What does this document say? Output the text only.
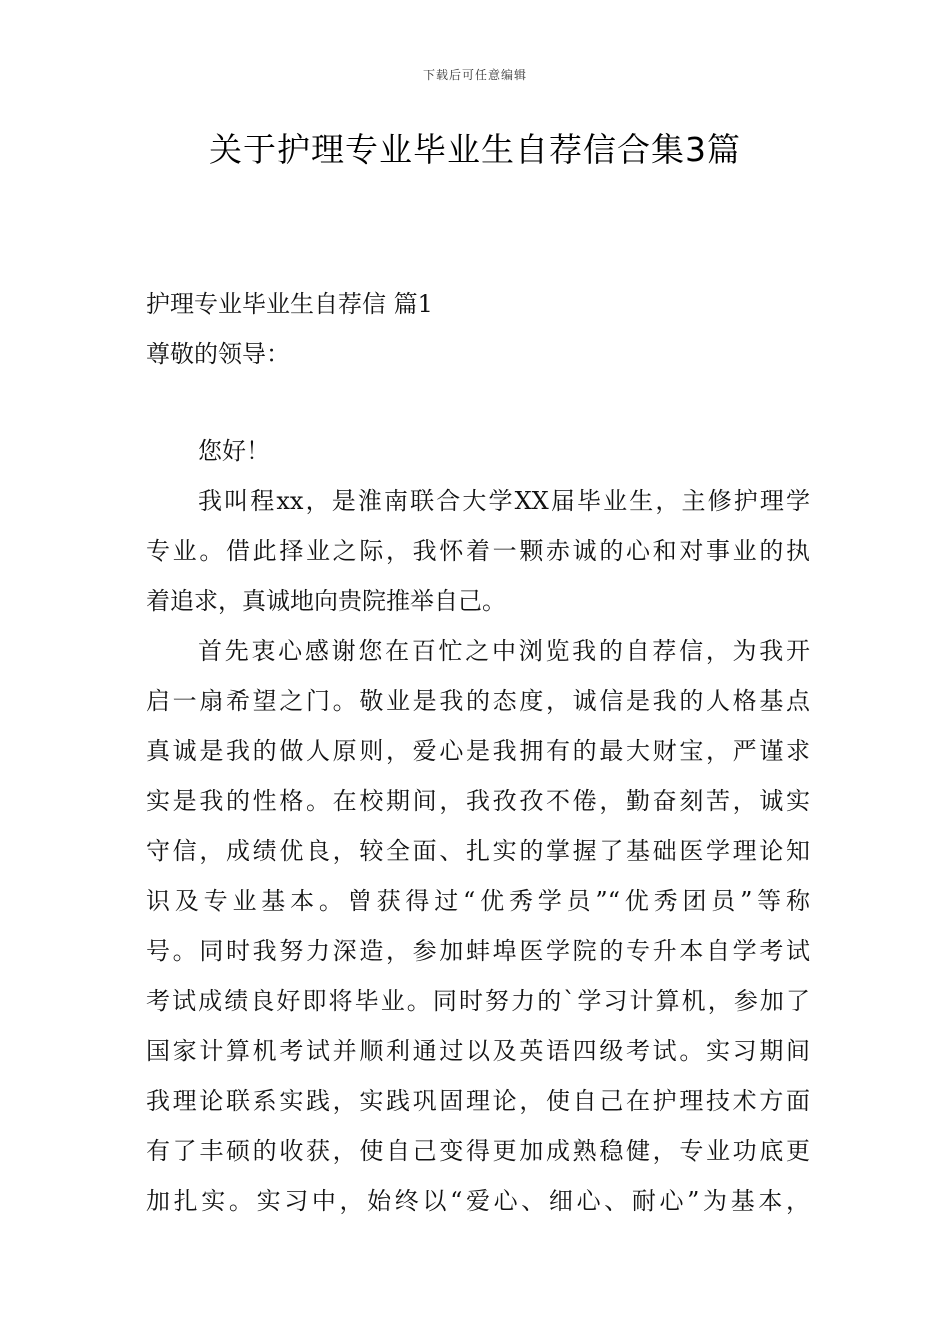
下载后可任意编辑
关于护理专业毕业生自荐信合集3篇

护理专业毕业生自荐信 篇1

尊敬的领导：

您好！

我叫程xx，是淮南联合大学XX届毕业生，主修护理学

专业。借此择业之际，我怀着一颗赤诚的心和对事业的执

着追求，真诚地向贵院推举自己。

首先衷心感谢您在百忙之中浏览我的自荐信，为我开

启一扇希望之门。敬业是我的态度，诚信是我的人格基点

真诚是我的做人原则，爱心是我拥有的最大财宝，严谨求

实是我的性格。在校期间，我孜孜不倦，勤奋刻苦，诚实

守信，成绩优良，较全面、扎实的掌握了基础医学理论知

识及专业基本。曾获得过“优秀学员”“优秀团员”等称

号。同时我努力深造，参加蚌埠医学院的专升本自学考试

考试成绩良好即将毕业。同时努力的`学习计算机，参加了

国家计算机考试并顺利通过以及英语四级考试。实习期间

我理论联系实践，实践巩固理论，使自己在护理技术方面

有了丰硕的收获，使自己变得更加成熟稳健，专业功底更

加扎实。实习中，始终以“爱心、细心、耐心”为基本，
